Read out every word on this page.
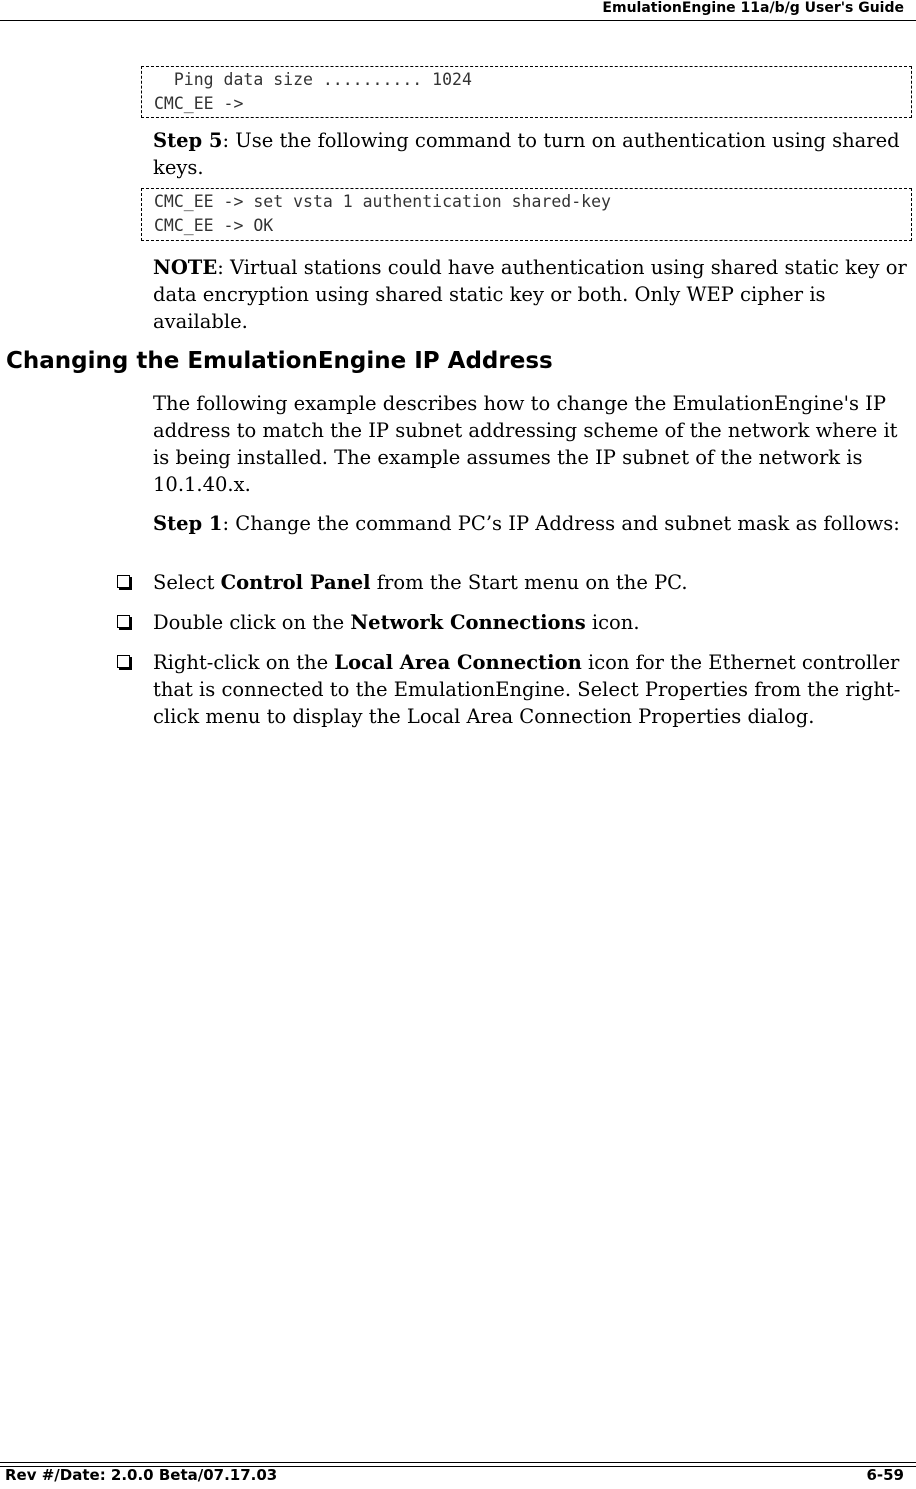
EmulationEngine 11a/b/g User's Guide
Ping data size .......... 1024
CMC_EE ->

Step 5: Use the following command to turn on authentication using shared keys.

CMC_EE -> set vsta 1 authentication shared-key
CMC_EE -> OK

NOTE: Virtual stations could have authentication using shared static key or data encryption using shared static key or both. Only WEP cipher is available.

Changing the EmulationEngine IP Address

The following example describes how to change the EmulationEngine's IP address to match the IP subnet addressing scheme of the network where it is being installed. The example assumes the IP subnet of the network is 10.1.40.x.

Step 1: Change the command PC’s IP Address and subnet mask as follows:

Select Control Panel from the Start menu on the PC.

Double click on the Network Connections icon.

Right-click on the Local Area Connection icon for the Ethernet controller that is connected to the EmulationEngine. Select Properties from the right-click menu to display the Local Area Connection Properties dialog.

Rev #/Date: 2.0.0 Beta/07.17.03	6-59
